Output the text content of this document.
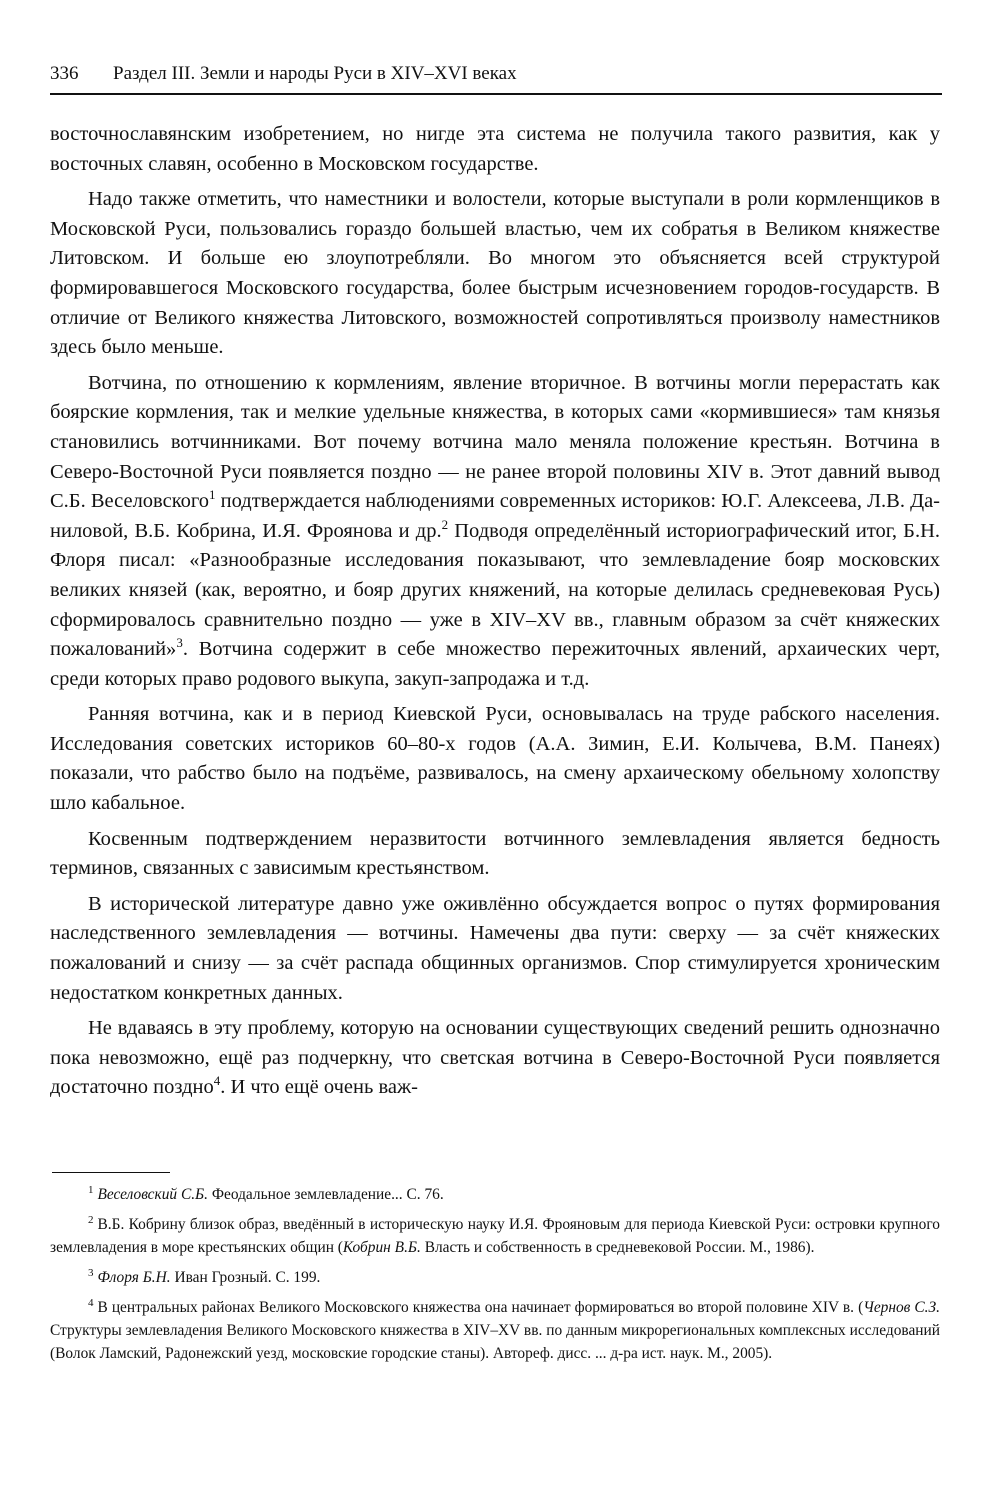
336 Раздел III. Земли и народы Руси в XIV–XVI веках

восточнославянским изобретением, но нигде эта система не получила такого развития, как у восточных славян, особенно в Московском государстве.

Надо также отметить, что наместники и волостели, которые выступали в роли кормленщиков в Московской Руси, пользовались гораздо большей властью, чем их собратья в Великом княжестве Литовском. И больше ею злоупотребляли. Во многом это объясняется всей структурой формировавшегося Московского государства, более быстрым исчезновением городов-государств. В отличие от Великого княжества Литовского, возможностей сопротивляться произволу наместников здесь было меньше.

Вотчина, по отношению к кормлениям, явление вторичное. В вотчины могли перерастать как боярские кормления, так и мелкие удельные княжества, в которых сами «кормившиеся» там князья становились вотчинниками. Вот почему вотчина мало меняла положение крестьян. Вотчина в Северо-Восточной Руси появляется поздно — не ранее второй половины XIV в. Этот давний вывод С.Б. Веселовского$^1$ подтверждается наблюдениями современных историков: Ю.Г. Алексеева, Л.В. Даниловой, В.Б. Кобрина, И.Я. Фроянова и др.$^2$ Подводя определённый историографический итог, Б.Н. Флоря писал: «Разнообразные исследования показывают, что землевладение бояр московских великих князей (как, вероятно, и бояр других княжений, на которые делилась средневековая Русь) сформировалось сравнительно поздно — уже в XIV–XV вв., главным образом за счёт княжеских пожалований»$^3$. Вотчина содержит в себе множество пережиточных явлений, архаических черт, среди которых право родового выкупа, закуп-запродажа и т.д.

Ранняя вотчина, как и в период Киевской Руси, основывалась на труде рабского населения. Исследования советских историков 60–80-х годов (А.А. Зимин, Е.И. Колычева, В.М. Панеях) показали, что рабство было на подъёме, развивалось, на смену архаическому обельному холопству шло кабальное.

Косвенным подтверждением неразвитости вотчинного землевладения является бедность терминов, связанных с зависимым крестьянством.

В исторической литературе давно уже оживлённо обсуждается вопрос о путях формирования наследственного землевладения — вотчины. Намечены два пути: сверху — за счёт княжеских пожалований и снизу — за счёт распада общинных организмов. Спор стимулируется хроническим недостатком конкретных данных.

Не вдаваясь в эту проблему, которую на основании существующих сведений решить однозначно пока невозможно, ещё раз подчеркну, что светская вотчина в Северо-Восточной Руси появляется достаточно поздно$^4$. И что ещё очень важ-

$^1$ Веселовский С.Б. Феодальное землевладение... С. 76.

$^2$ В.Б. Кобрину близок образ, введённый в историческую науку И.Я. Фрояновым для периода Киевской Руси: островки крупного землевладения в море крестьянских общин (Кобрин В.Б. Власть и собственность в средневековой России. М., 1986).

$^3$ Флоря Б.Н. Иван Грозный. С. 199.

$^4$ В центральных районах Великого Московского княжества она начинает формироваться во второй половине XIV в. (Чернов С.З. Структуры землевладения Великого Московского княжества в XIV–XV вв. по данным микрорегиональных комплексных исследований (Волок Ламский, Радонежский уезд, московские городские станы). Автореф. дисс. ... д-ра ист. наук. М., 2005).
